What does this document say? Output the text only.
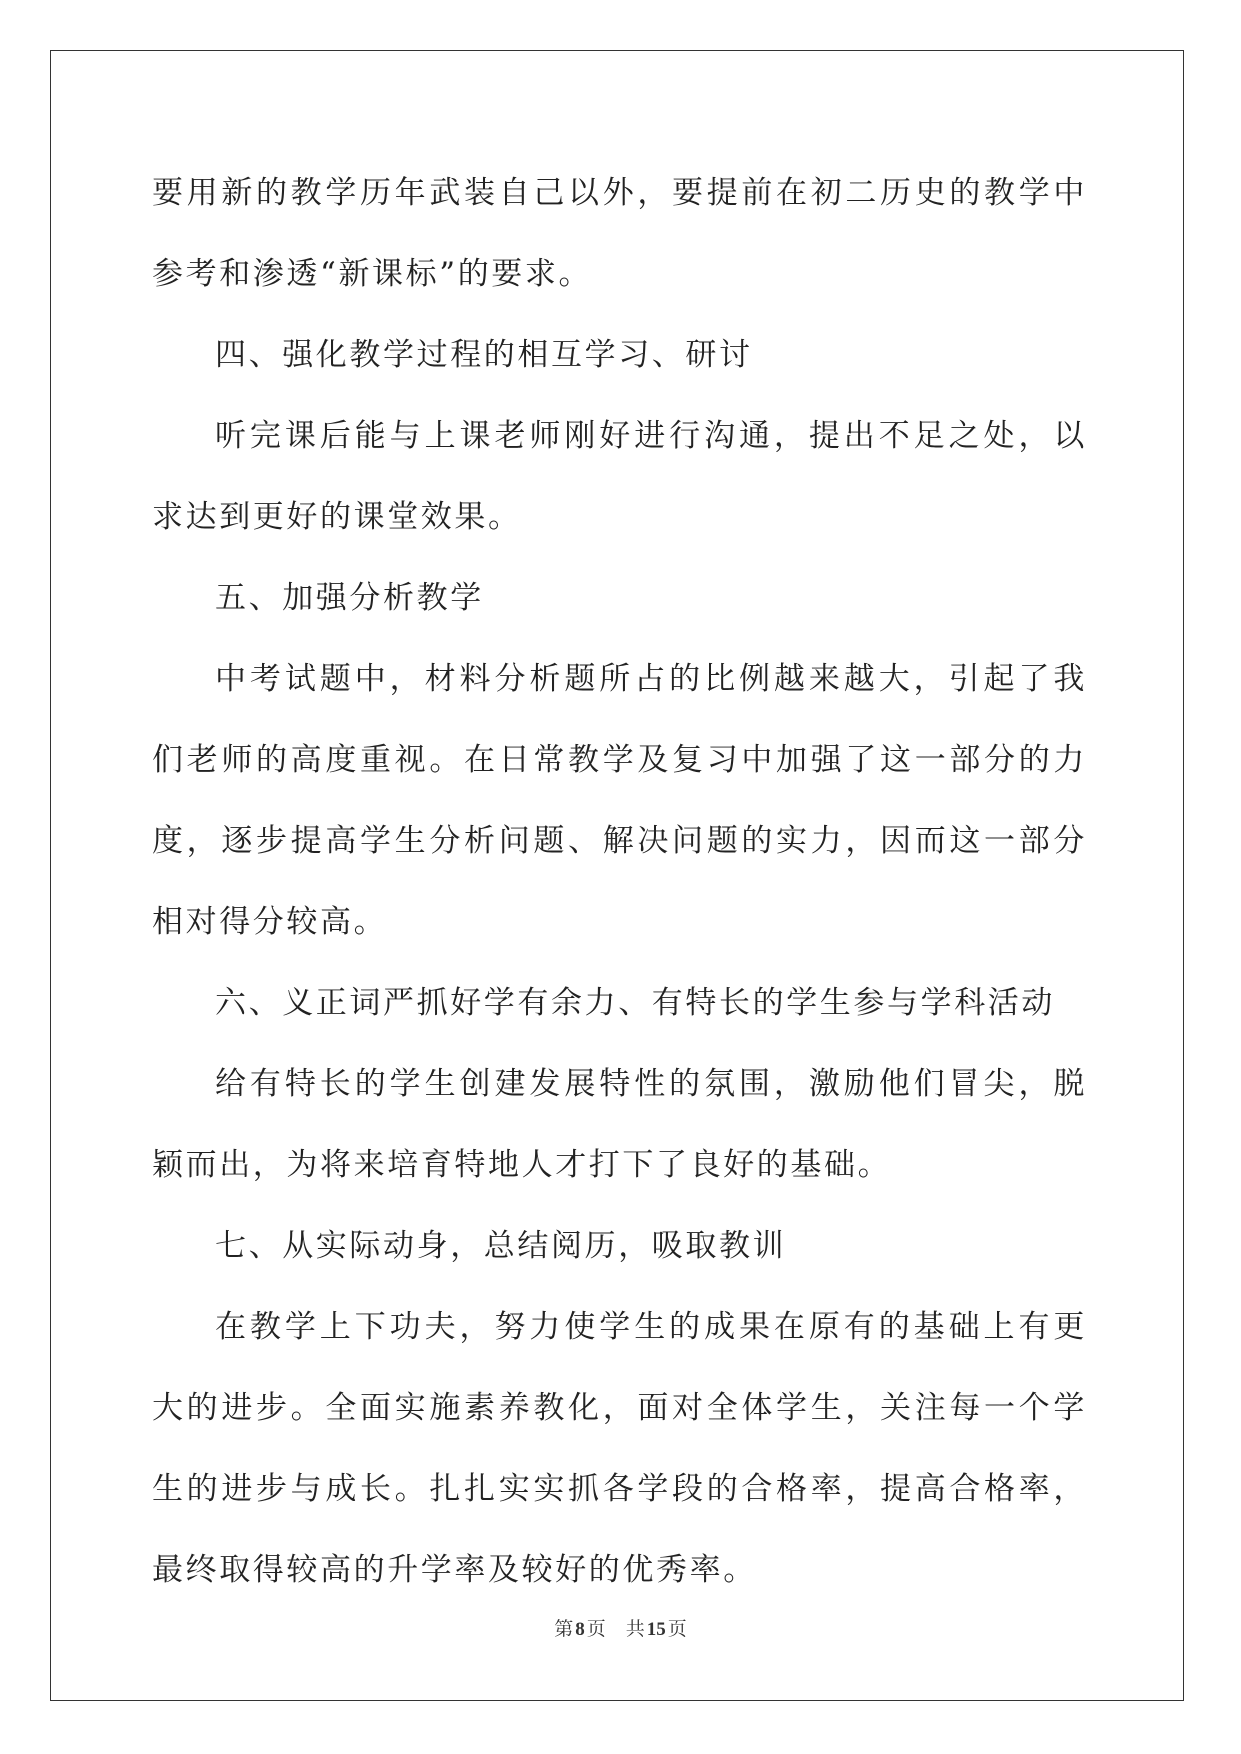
要用新的教学历年武装自己以外，要提前在初二历史的教学中参考和渗透“新课标”的要求。

四、强化教学过程的相互学习、研讨

听完课后能与上课老师刚好进行沟通，提出不足之处，以求达到更好的课堂效果。

五、加强分析教学

中考试题中，材料分析题所占的比例越来越大，引起了我们老师的高度重视。在日常教学及复习中加强了这一部分的力度，逐步提高学生分析问题、解决问题的实力，因而这一部分相对得分较高。

六、义正词严抓好学有余力、有特长的学生参与学科活动

给有特长的学生创建发展特性的氛围，激励他们冒尖，脱颖而出，为将来培育特地人才打下了良好的基础。

七、从实际动身，总结阅历，吸取教训

在教学上下功夫，努力使学生的成果在原有的基础上有更大的进步。全面实施素养教化，面对全体学生，关注每一个学生的进步与成长。扎扎实实抓各学段的合格率，提高合格率，最终取得较高的升学率及较好的优秀率。

第 8 页 共 15 页
